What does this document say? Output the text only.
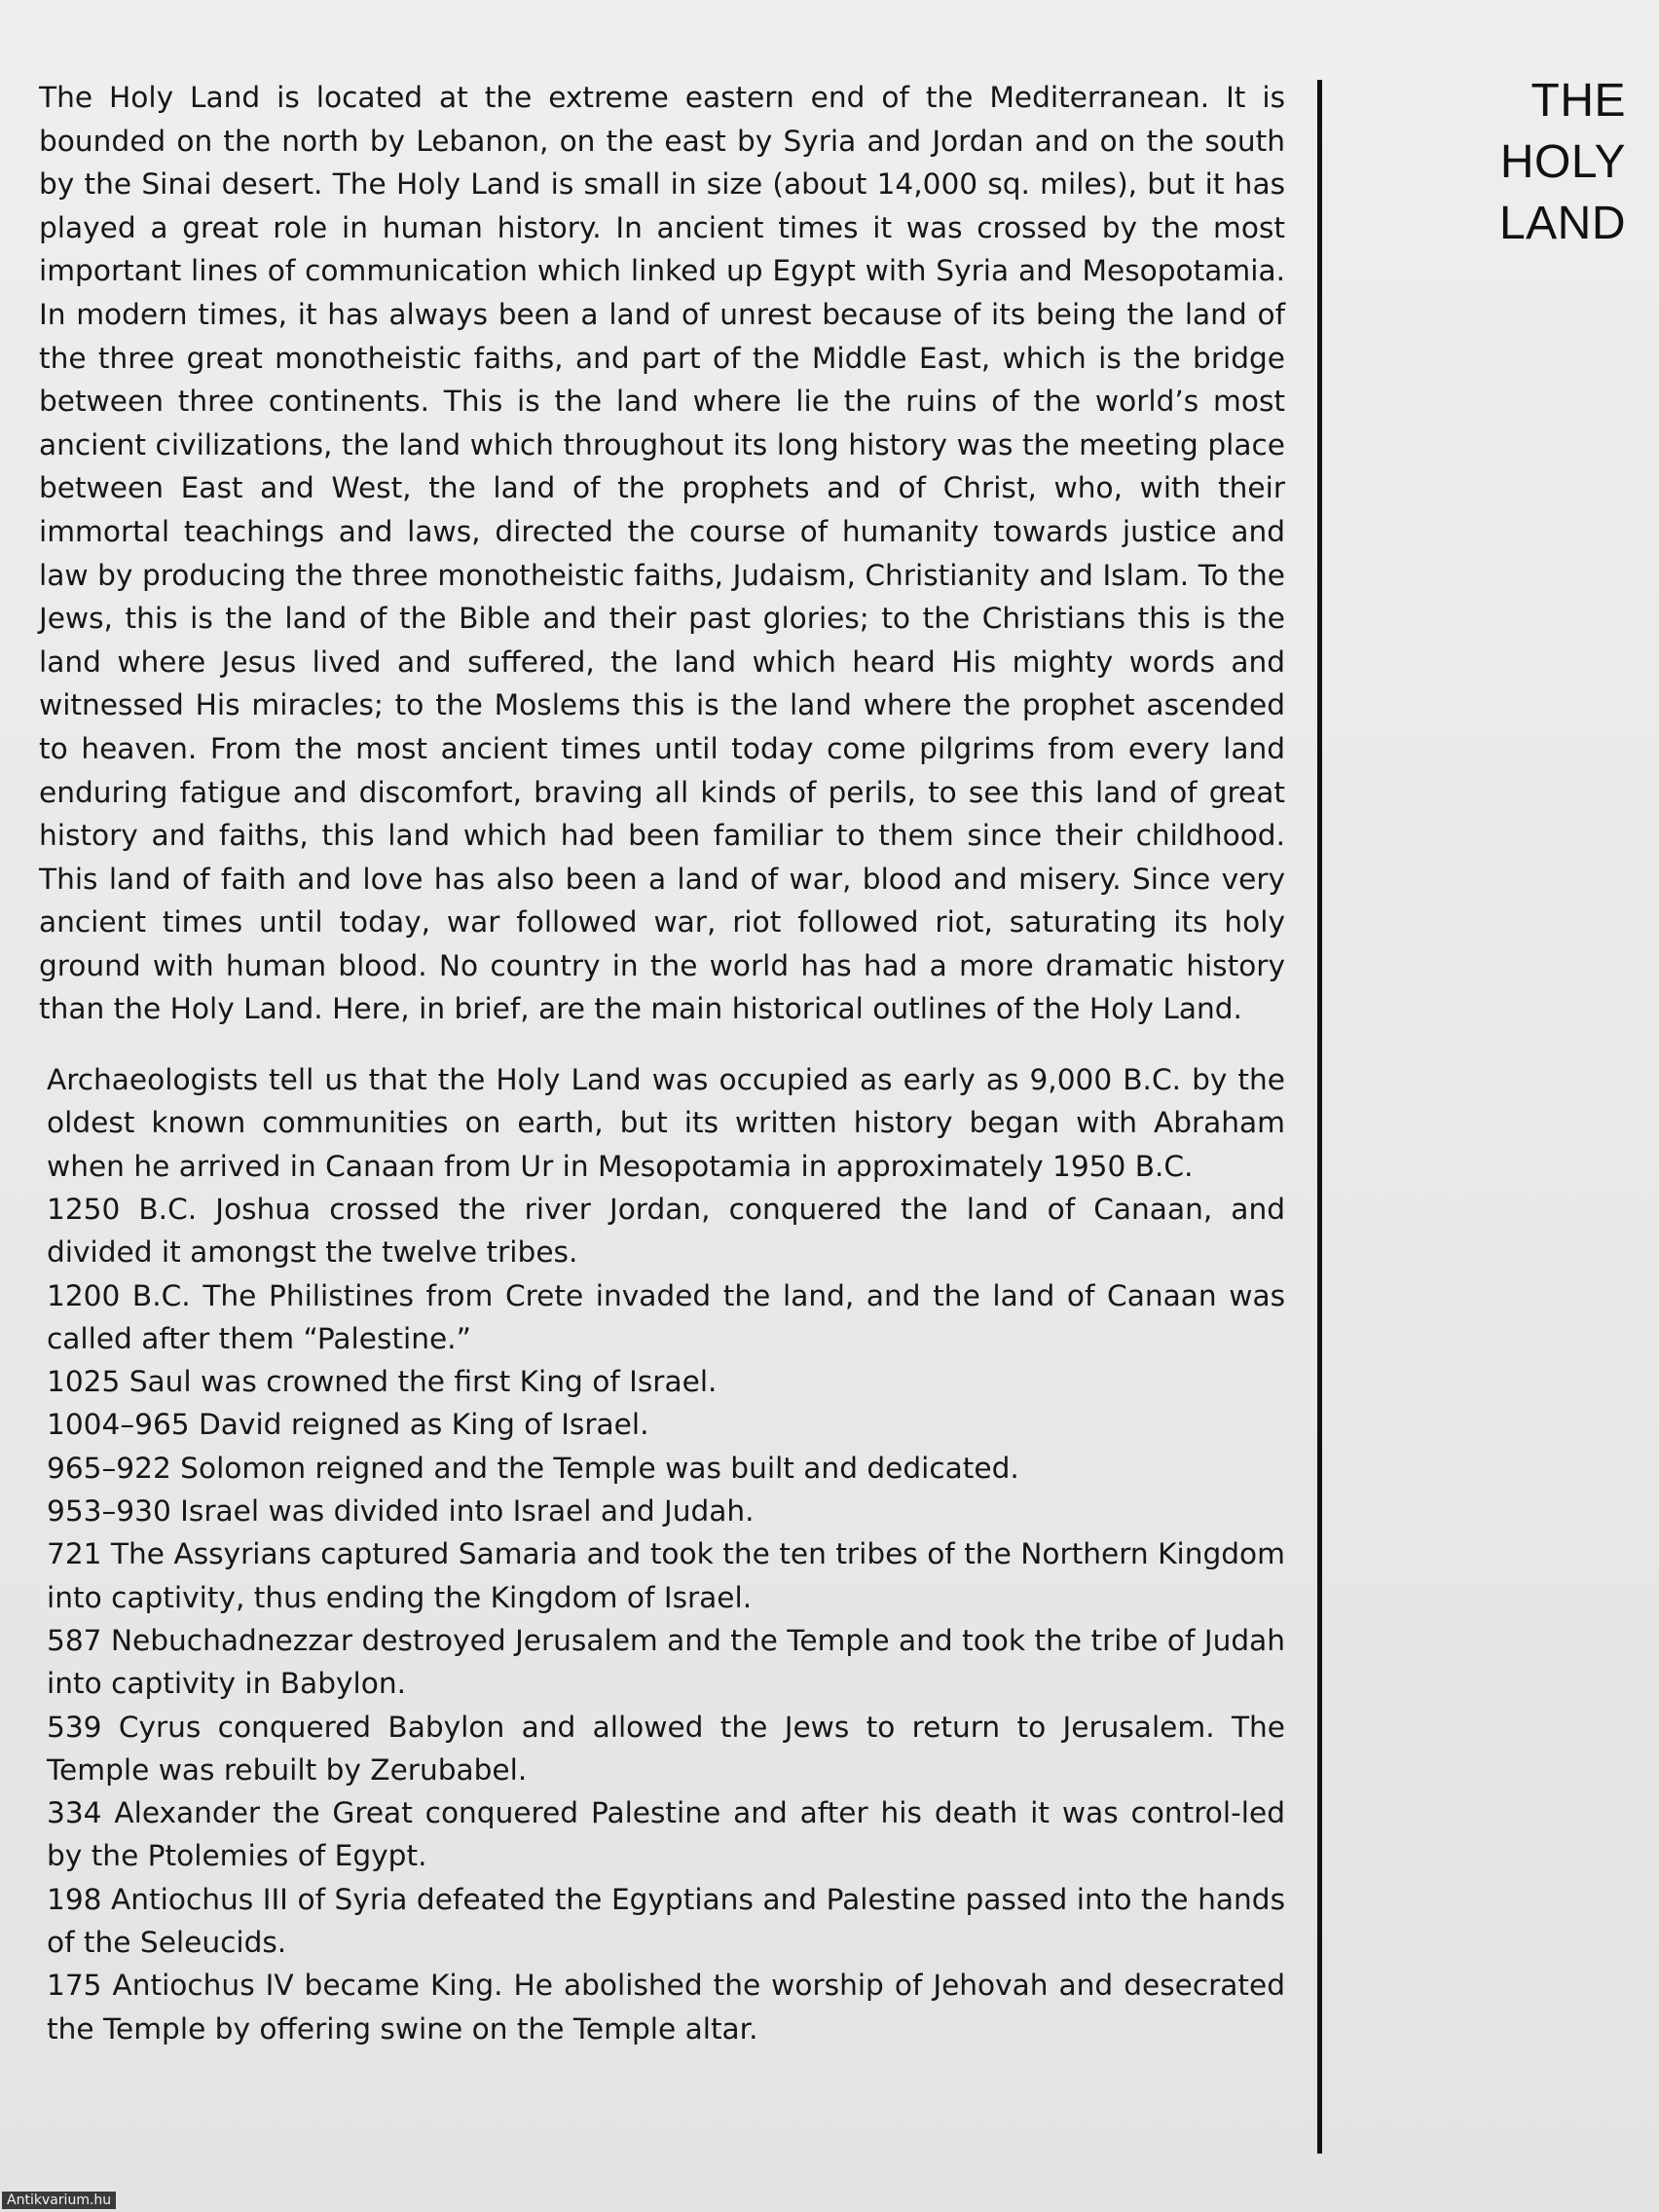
The Holy Land is located at the extreme eastern end of the Mediterranean. It is bounded on the north by Lebanon, on the east by Syria and Jordan and on the south by the Sinai desert. The Holy Land is small in size (about 14,000 sq. miles), but it has played a great role in human history. In ancient times it was crossed by the most important lines of communication which linked up Egypt with Syria and Mesopotamia. In modern times, it has always been a land of unrest because of its being the land of the three great monotheistic faiths, and part of the Middle East, which is the bridge between three continents. This is the land where lie the ruins of the world’s most ancient civilizations, the land which throughout its long history was the meeting place between East and West, the land of the prophets and of Christ, who, with their immortal teachings and laws, directed the course of humanity towards justice and law by producing the three monotheistic faiths, Judaism, Christianity and Islam. To the Jews, this is the land of the Bible and their past glories; to the Christians this is the land where Jesus lived and suffered, the land which heard His mighty words and witnessed His miracles; to the Moslems this is the land where the prophet ascended to heaven. From the most ancient times until today come pilgrims from every land enduring fatigue and discomfort, braving all kinds of perils, to see this land of great history and faiths, this land which had been familiar to them since their childhood. This land of faith and love has also been a land of war, blood and misery. Since very ancient times until today, war followed war, riot followed riot, saturating its holy ground with human blood. No country in the world has had a more dramatic history than the Holy Land. Here, in brief, are the main historical outlines of the Holy Land.

Archaeologists tell us that the Holy Land was occupied as early as 9,000 B.C. by the oldest known communities on earth, but its written history began with Abraham when he arrived in Canaan from Ur in Mesopotamia in approximately 1950 B.C.

1250 B.C. Joshua crossed the river Jordan, conquered the land of Canaan, and divided it amongst the twelve tribes.

1200 B.C. The Philistines from Crete invaded the land, and the land of Canaan was called after them “Palestine.”

1025 Saul was crowned the first King of Israel.

1004–965 David reigned as King of Israel.

965–922 Solomon reigned and the Temple was built and dedicated.

953–930 Israel was divided into Israel and Judah.

721 The Assyrians captured Samaria and took the ten tribes of the Northern Kingdom into captivity, thus ending the Kingdom of Israel.

587 Nebuchadnezzar destroyed Jerusalem and the Temple and took the tribe of Judah into captivity in Babylon.

539 Cyrus conquered Babylon and allowed the Jews to return to Jerusalem. The Temple was rebuilt by Zerubabel.

334 Alexander the Great conquered Palestine and after his death it was control-led by the Ptolemies of Egypt.

198 Antiochus III of Syria defeated the Egyptians and Palestine passed into the hands of the Seleucids.

175 Antiochus IV became King. He abolished the worship of Jehovah and desecrated the Temple by offering swine on the Temple altar.

THE
HOLY
LAND
Antikvarium.hu
